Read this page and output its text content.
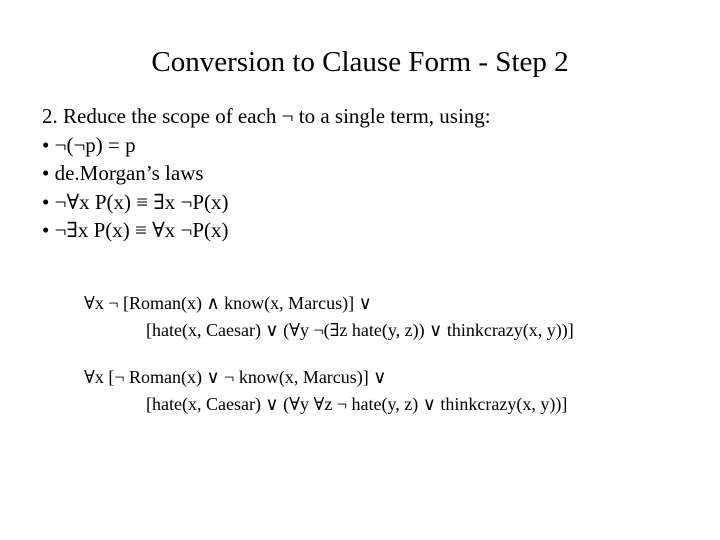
Conversion to Clause Form - Step 2
2. Reduce the scope of each ¬ to a single term, using:
• ¬(¬p) = p
• de.Morgan’s laws
• ¬∀x P(x) ≡ ∃x ¬P(x)
• ¬∃x P(x) ≡ ∀x ¬P(x)
∀x ¬ [Roman(x) ∧ know(x, Marcus)] ∨
[hate(x, Caesar) ∨ (∀y ¬(∃z hate(y, z)) ∨ thinkcrazy(x, y))]
∀x [¬ Roman(x) ∨ ¬ know(x, Marcus)] ∨
[hate(x, Caesar) ∨ (∀y ∀z ¬ hate(y, z) ∨ thinkcrazy(x, y))]
